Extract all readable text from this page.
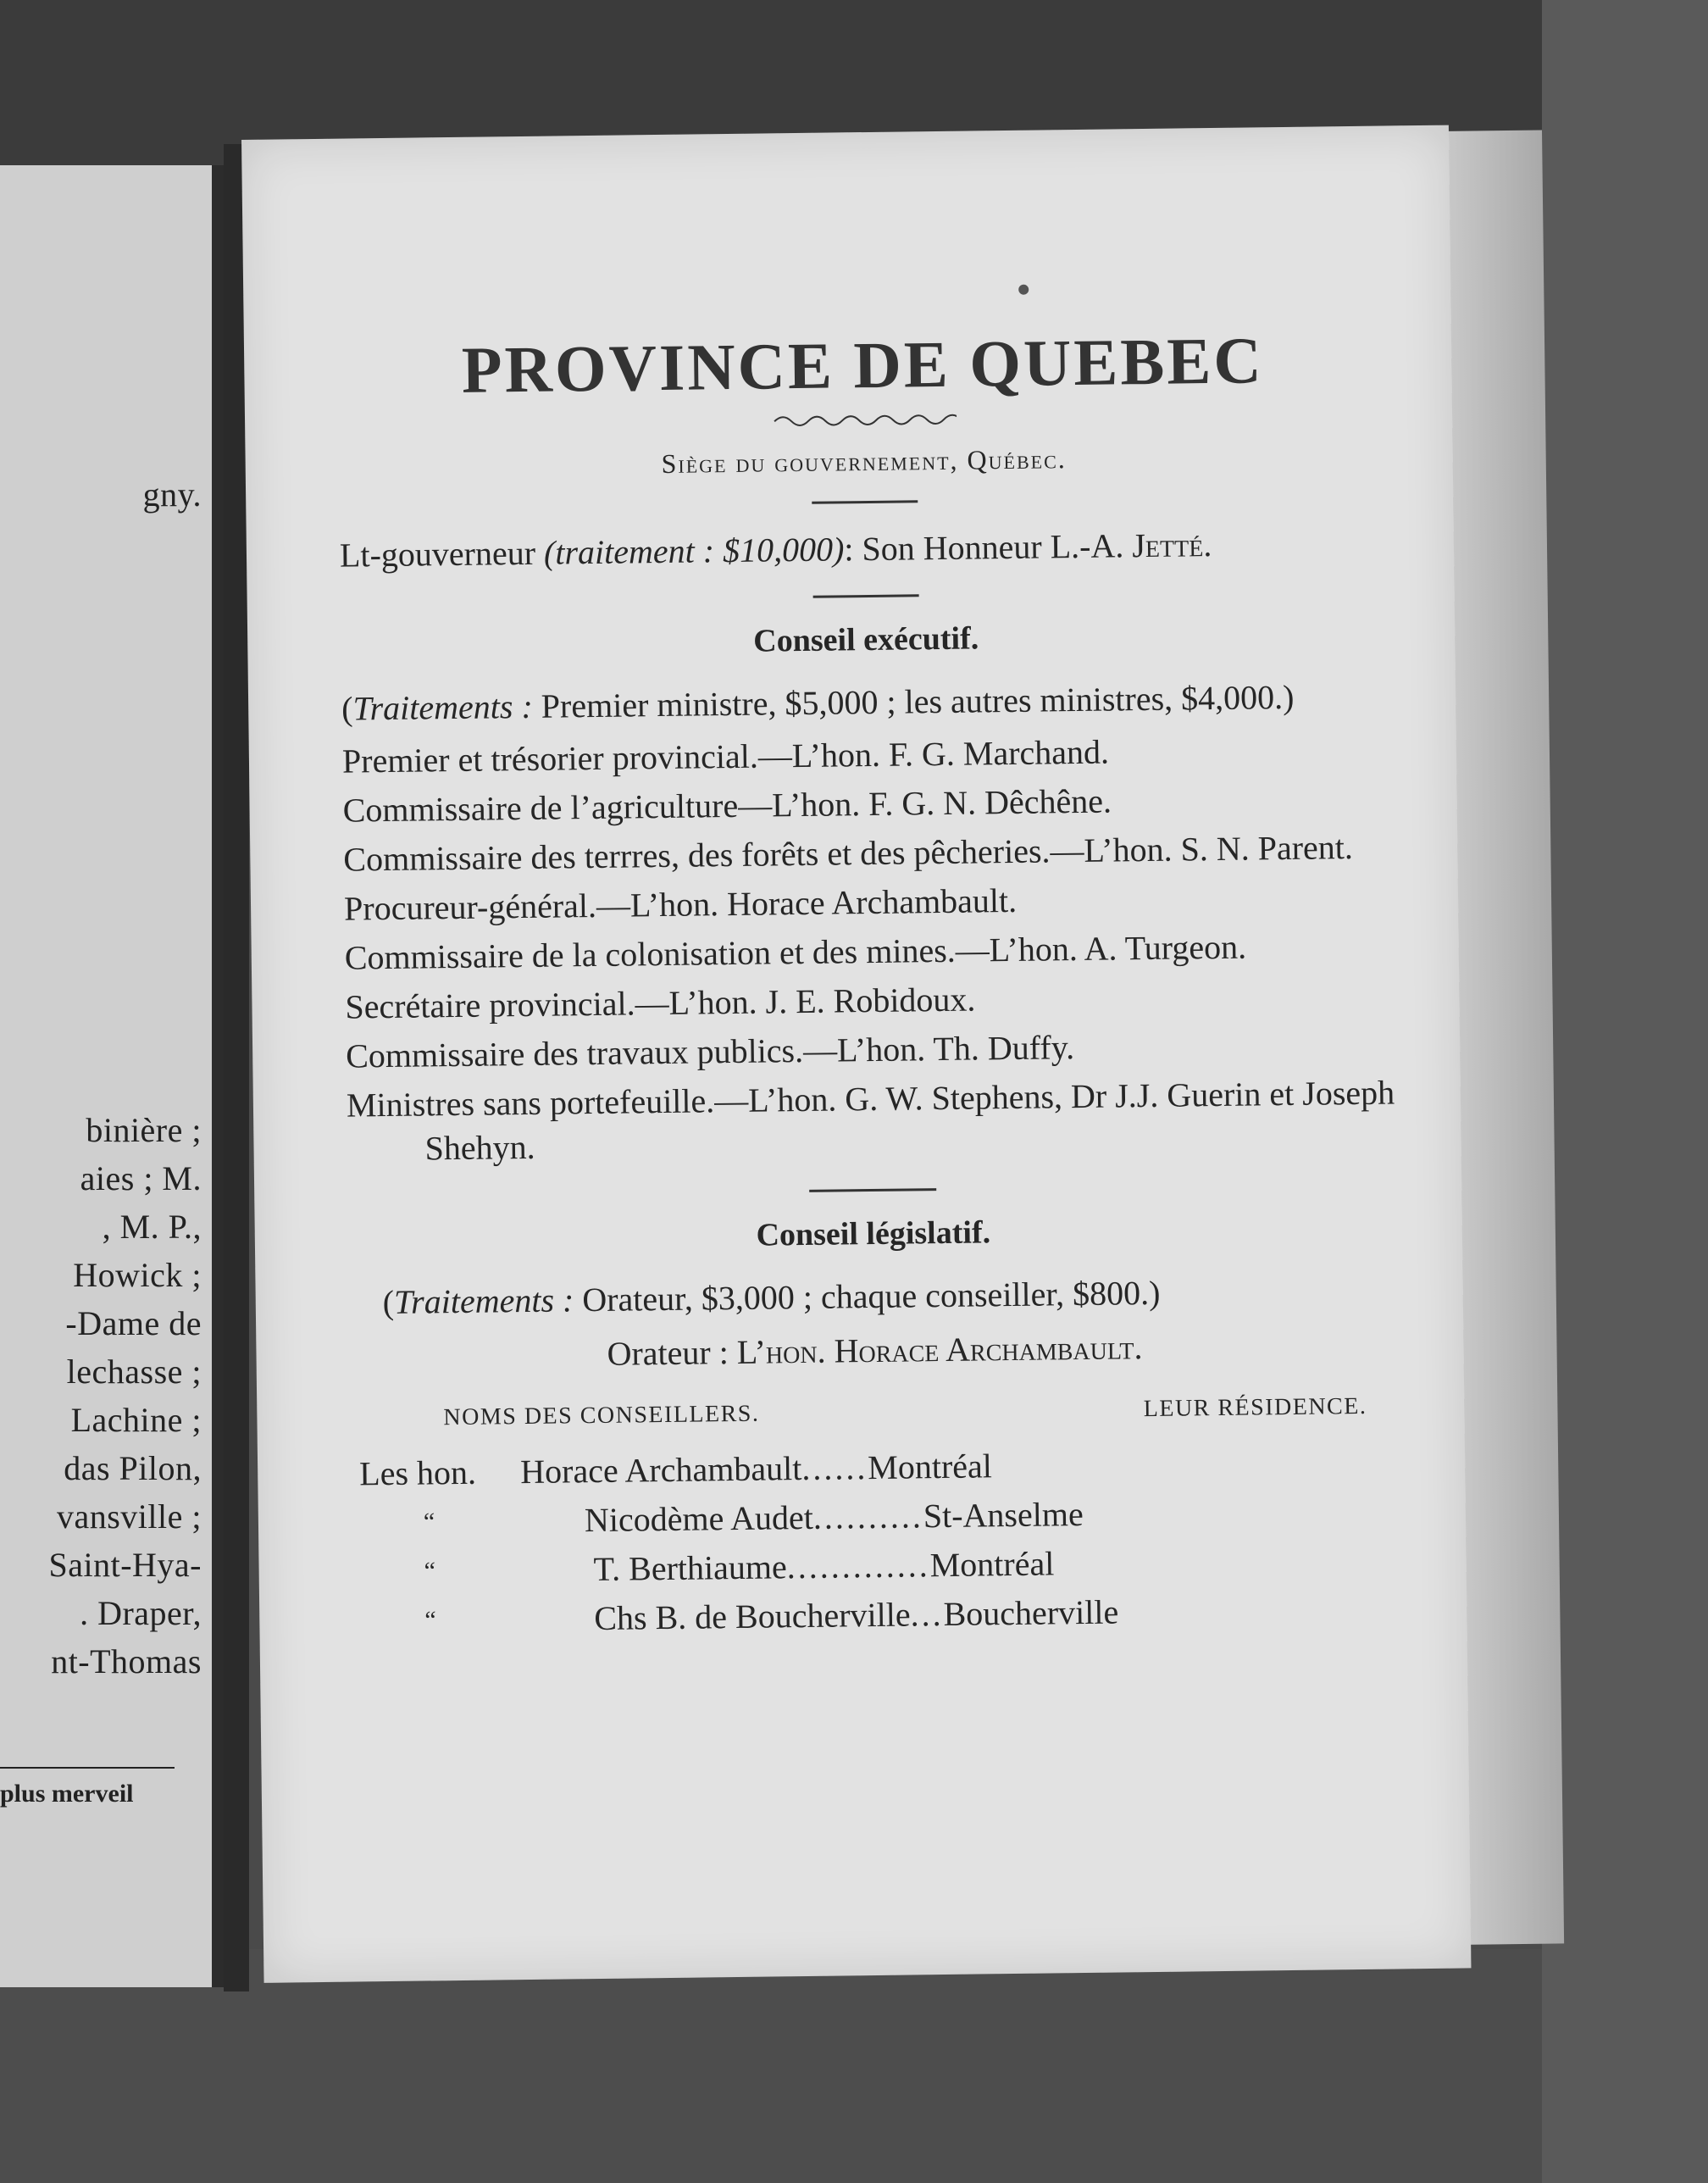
gny.
binière ;
aies ; M.
, M. P.,
Howick ;
-Dame de
lechasse ;
Lachine ;
das Pilon,
vansville ;
Saint-Hya-
. Draper,
nt-Thomas
plus merveil
PROVINCE DE QUEBEC
Siège du gouvernement, Québec.

Lt-gouverneur (traitement : $10,000): Son Honneur L.-A. Jetté.

Conseil exécutif.

(Traitements : Premier ministre, $5,000 ; les autres ministres, $4,000.)

Premier et trésorier provincial.—L’hon. F. G. Marchand.

Commissaire de l’agriculture—L’hon. F. G. N. Dêchêne.

Commissaire des terrres, des forêts et des pêcheries.—L’hon. S. N. Parent.

Procureur-général.—L’hon. Horace Archambault.

Commissaire de la colonisation et des mines.—L’hon. A. Turgeon.

Secrétaire provincial.—L’hon. J. E. Robidoux.

Commissaire des travaux publics.—L’hon. Th. Duffy.

Ministres sans portefeuille.—L’hon. G. W. Stephens, Dr J.J. Guerin et Joseph Shehyn.

Conseil législatif.

(Traitements : Orateur, $3,000 ; chaque conseiller, $800.)

Orateur : L’hon. Horace Archambault.
NOMS DES CONSEILLERS.	LEUR RÉSIDENCE.
Les hon.	Horace Archambault ...... Montréal
“	Nicodème Audet .......... St-Anselme
“	T. Berthiaume ............. Montréal
“	Chs B. de Boucherville ... Boucherville
